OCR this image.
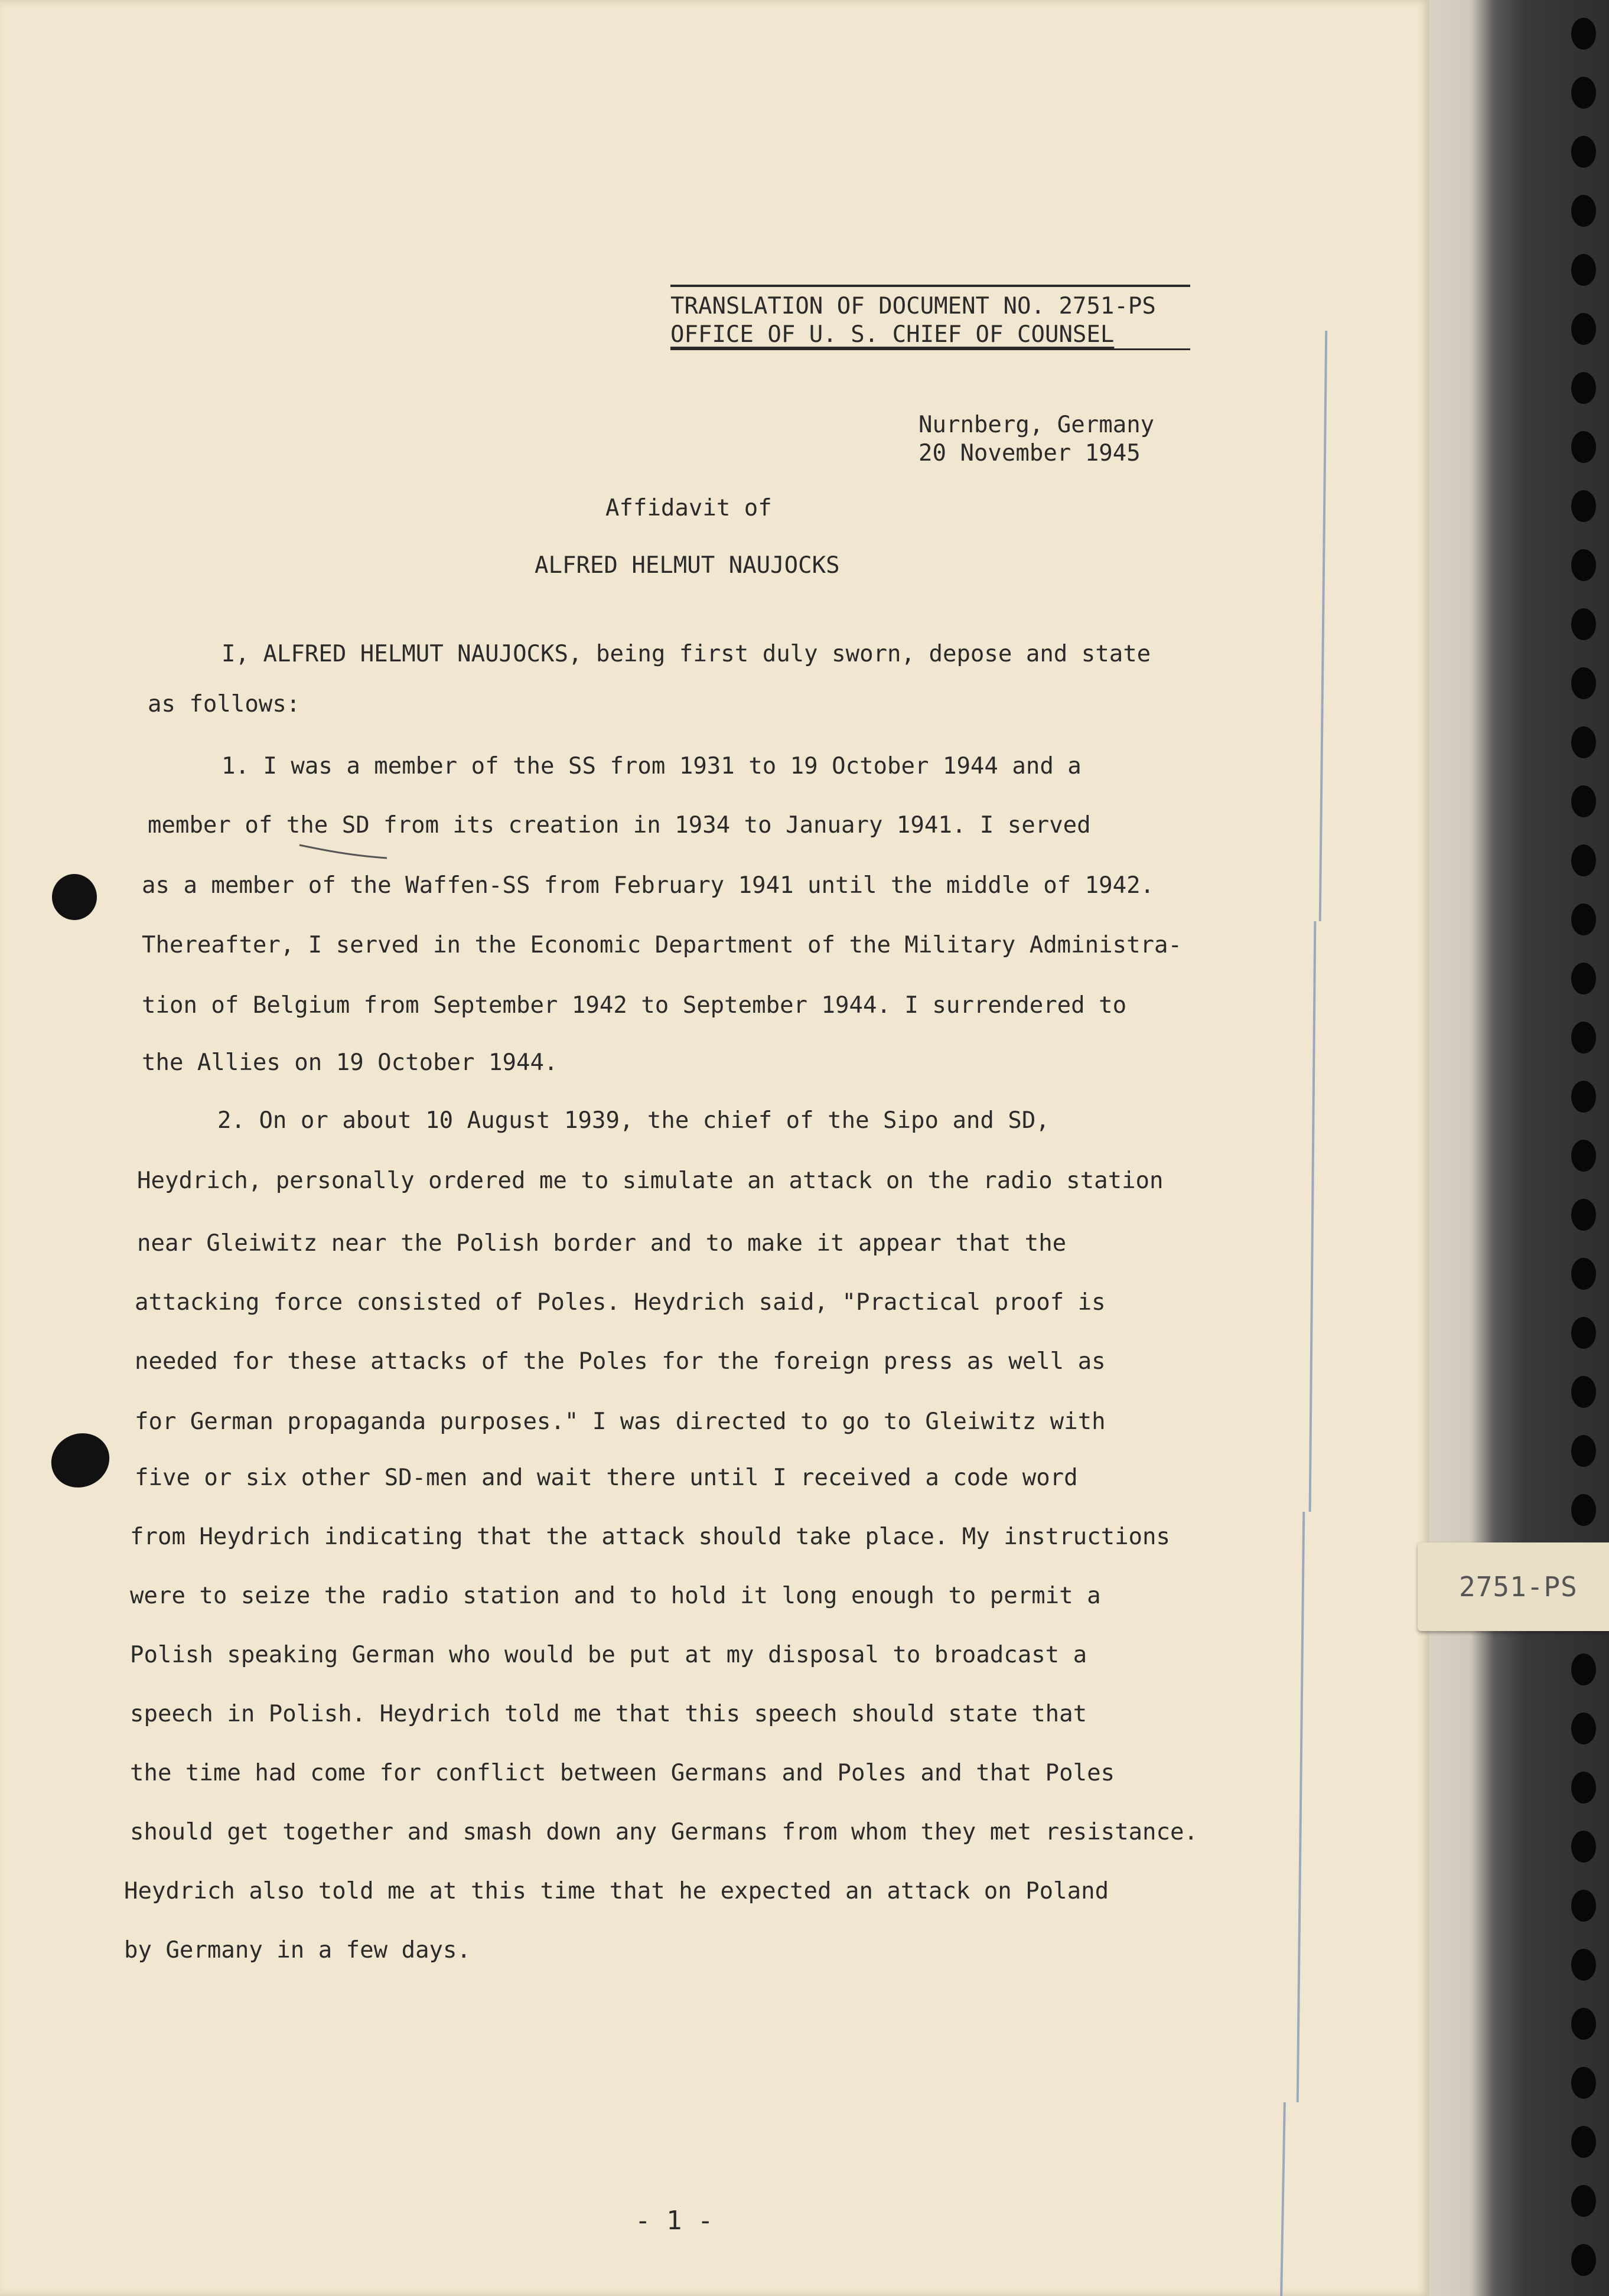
TRANSLATION OF DOCUMENT NO. 2751-PS
OFFICE OF U. S. CHIEF OF COUNSEL
Nurnberg, Germany
20 November 1945
Affidavit of
ALFRED HELMUT NAUJOCKS
I, ALFRED HELMUT NAUJOCKS, being first duly sworn, depose and state
as follows:
1. I was a member of the SS from 1931 to 19 October 1944 and a
member of the SD from its creation in 1934 to January 1941. I served
as a member of the Waffen-SS from February 1941 until the middle of 1942.
Thereafter, I served in the Economic Department of the Military Administra-
tion of Belgium from September 1942 to September 1944. I surrendered to
the Allies on 19 October 1944.
2. On or about 10 August 1939, the chief of the Sipo and SD,
Heydrich, personally ordered me to simulate an attack on the radio station
near Gleiwitz near the Polish border and to make it appear that the
attacking force consisted of Poles. Heydrich said, "Practical proof is
needed for these attacks of the Poles for the foreign press as well as
for German propaganda purposes." I was directed to go to Gleiwitz with
five or six other SD-men and wait there until I received a code word
from Heydrich indicating that the attack should take place. My instructions
were to seize the radio station and to hold it long enough to permit a
Polish speaking German who would be put at my disposal to broadcast a
speech in Polish. Heydrich told me that this speech should state that
the time had come for conflict between Germans and Poles and that Poles
should get together and smash down any Germans from whom they met resistance.
Heydrich also told me at this time that he expected an attack on Poland
by Germany in a few days.
- 1 -
2751-PS
